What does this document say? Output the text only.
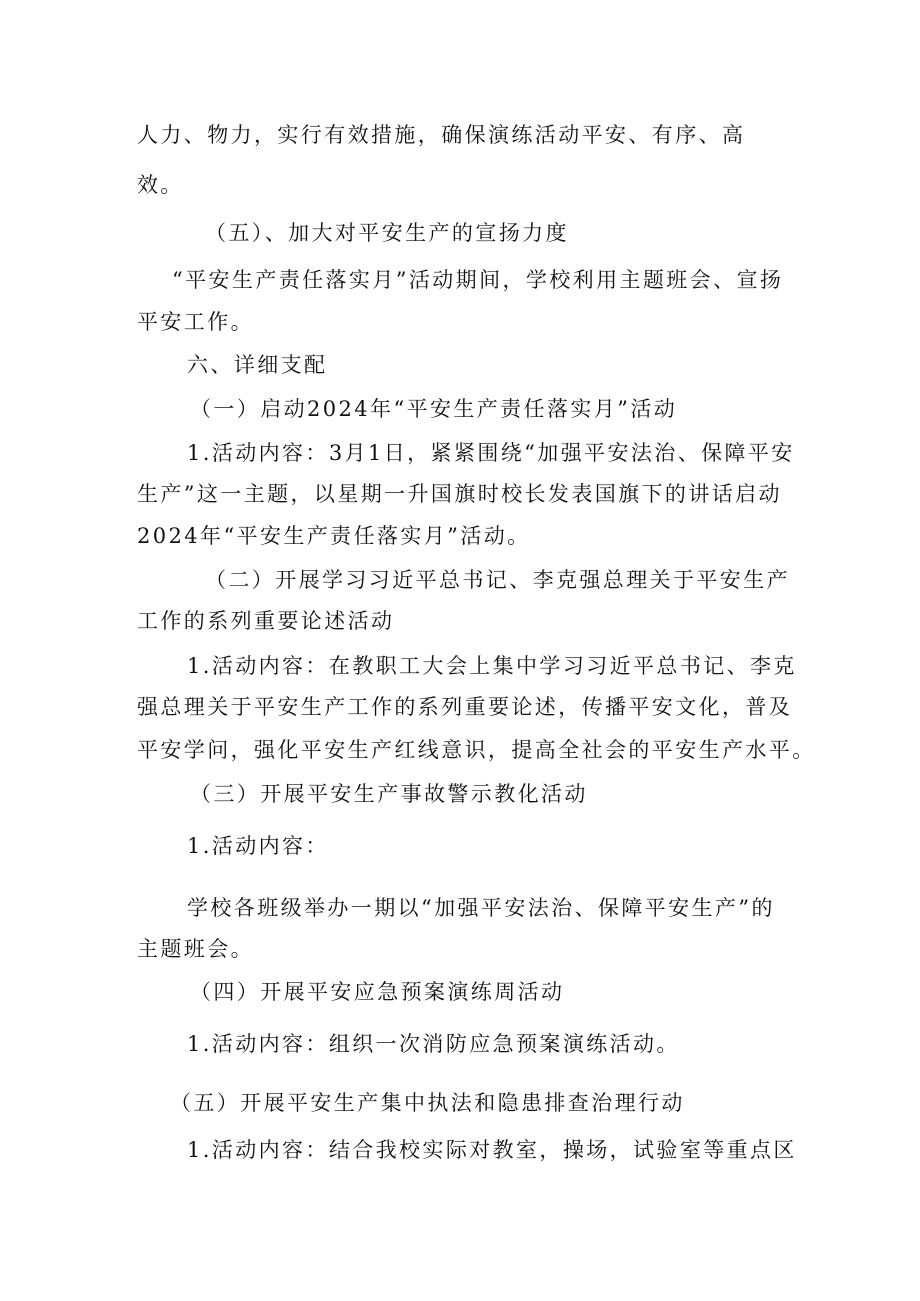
人力、物力，实行有效措施，确保演练活动平安、有序、高
效。
（五）、加大对平安生产的宣扬力度
“平安生产责任落实月”活动期间，学校利用主题班会、宣扬
平安工作。
六、详细支配
（一）启动2024年“平安生产责任落实月”活动
1.活动内容：3月1日，紧紧围绕“加强平安法治、保障平安
生产”这一主题，以星期一升国旗时校长发表国旗下的讲话启动
2024年“平安生产责任落实月”活动。
（二）开展学习习近平总书记、李克强总理关于平安生产
工作的系列重要论述活动
1.活动内容：在教职工大会上集中学习习近平总书记、李克
强总理关于平安生产工作的系列重要论述，传播平安文化，普及
平安学问，强化平安生产红线意识，提高全社会的平安生产水平。
（三）开展平安生产事故警示教化活动
1.活动内容：
学校各班级举办一期以“加强平安法治、保障平安生产”的
主题班会。
（四）开展平安应急预案演练周活动
1.活动内容：组织一次消防应急预案演练活动。
（五）开展平安生产集中执法和隐患排查治理行动
1.活动内容：结合我校实际对教室，操场，试验室等重点区
